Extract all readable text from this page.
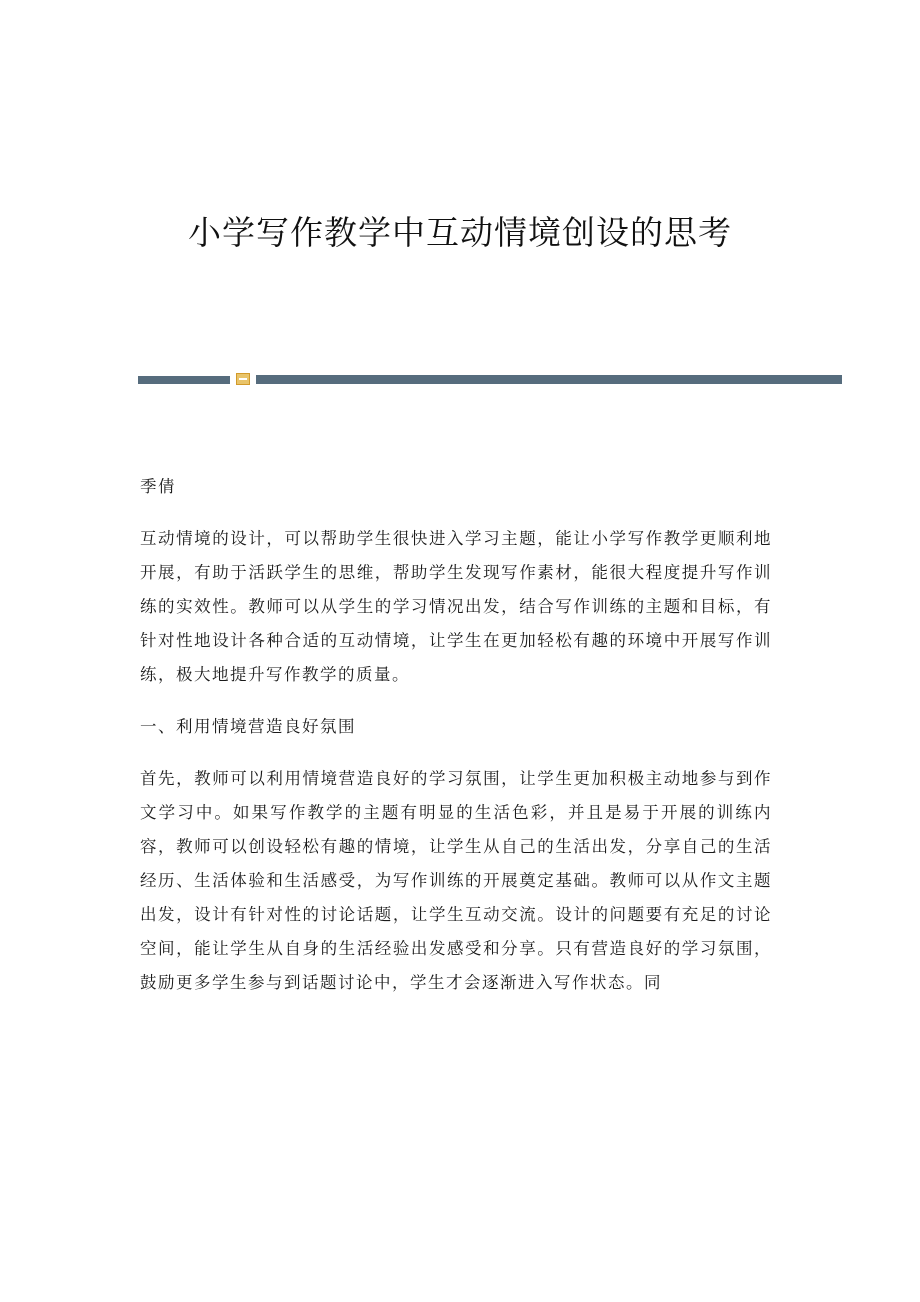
小学写作教学中互动情境创设的思考

季倩

互动情境的设计，可以帮助学生很快进入学习主题，能让小学写作教学更顺利地开展，有助于活跃学生的思维，帮助学生发现写作素材，能很大程度提升写作训练的实效性。教师可以从学生的学习情况出发，结合写作训练的主题和目标，有针对性地设计各种合适的互动情境，让学生在更加轻松有趣的环境中开展写作训练，极大地提升写作教学的质量。

一、利用情境营造良好氛围

首先，教师可以利用情境营造良好的学习氛围，让学生更加积极主动地参与到作文学习中。如果写作教学的主题有明显的生活色彩，并且是易于开展的训练内容，教师可以创设轻松有趣的情境，让学生从自己的生活出发，分享自己的生活经历、生活体验和生活感受，为写作训练的开展奠定基础。教师可以从作文主题出发，设计有针对性的讨论话题，让学生互动交流。设计的问题要有充足的讨论空间，能让学生从自身的生活经验出发感受和分享。只有营造良好的学习氛围，鼓励更多学生参与到话题讨论中，学生才会逐渐进入写作状态。同
